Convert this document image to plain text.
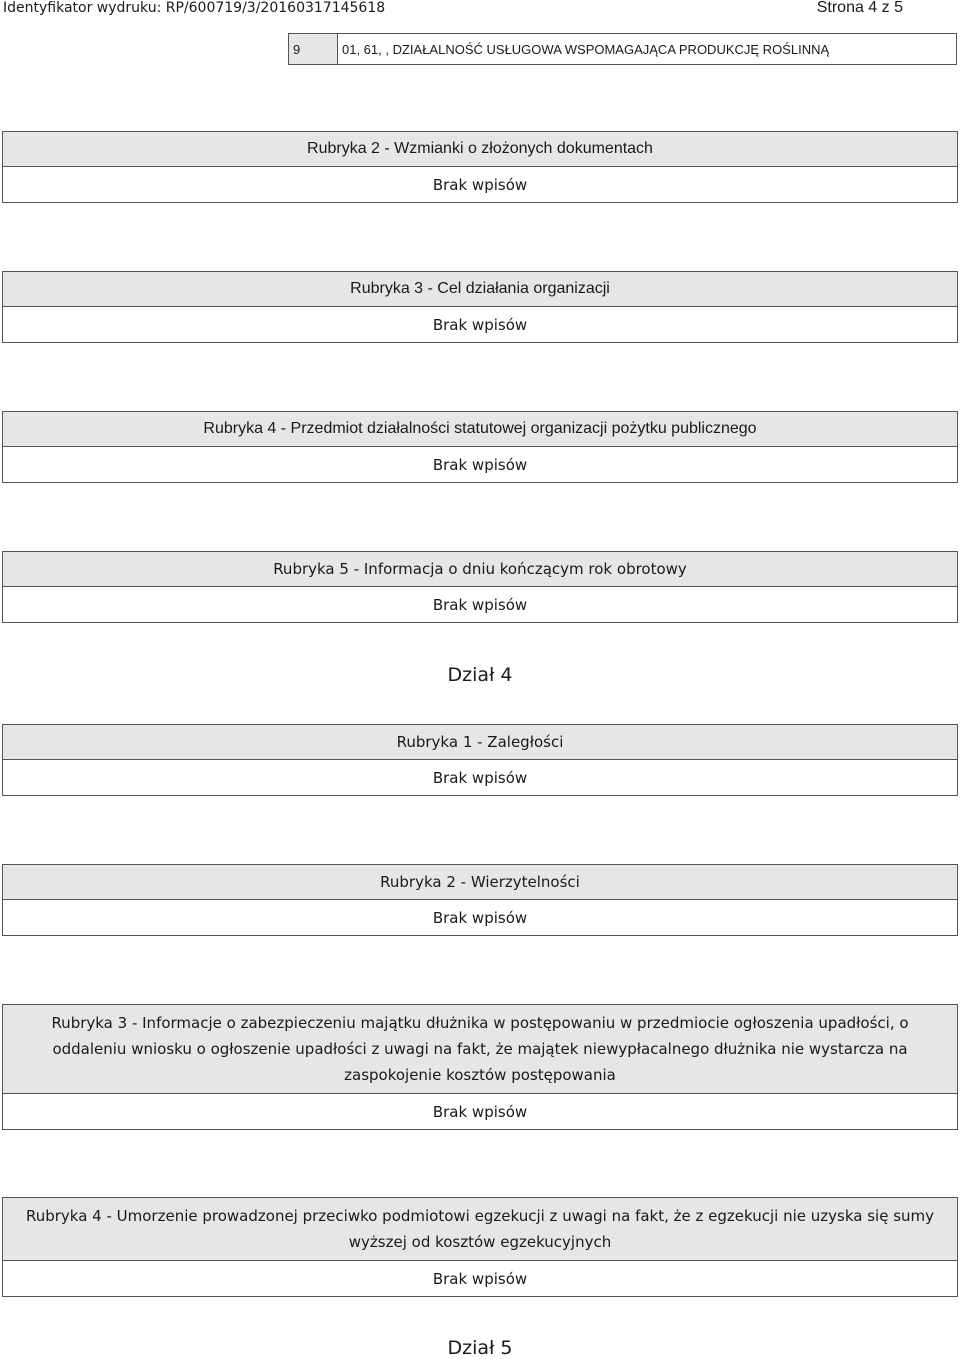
Identyfikator wydruku: RP/600719/3/20160317145618	Strona 4 z 5
9	01, 61, , DZIAŁALNOŚĆ USŁUGOWA WSPOMAGAJĄCA PRODUKCJĘ ROŚLINNĄ
Rubryka 2 - Wzmianki o złożonych dokumentach
Brak wpisów
Rubryka 3 - Cel działania organizacji
Brak wpisów
Rubryka 4 - Przedmiot działalności statutowej organizacji pożytku publicznego
Brak wpisów
Rubryka 5 - Informacja o dniu kończącym rok obrotowy
Brak wpisów
Dział 4
Rubryka 1 - Zaległości
Brak wpisów
Rubryka 2 - Wierzytelności
Brak wpisów
Rubryka 3 - Informacje o zabezpieczeniu majątku dłużnika w postępowaniu w przedmiocie ogłoszenia upadłości, o oddaleniu wniosku o ogłoszenie upadłości z uwagi na fakt, że majątek niewypłacalnego dłużnika nie wystarcza na zaspokojenie kosztów postępowania
Brak wpisów
Rubryka 4 - Umorzenie prowadzonej przeciwko podmiotowi egzekucji z uwagi na fakt, że z egzekucji nie uzyska się sumy wyższej od kosztów egzekucyjnych
Brak wpisów
Dział 5
